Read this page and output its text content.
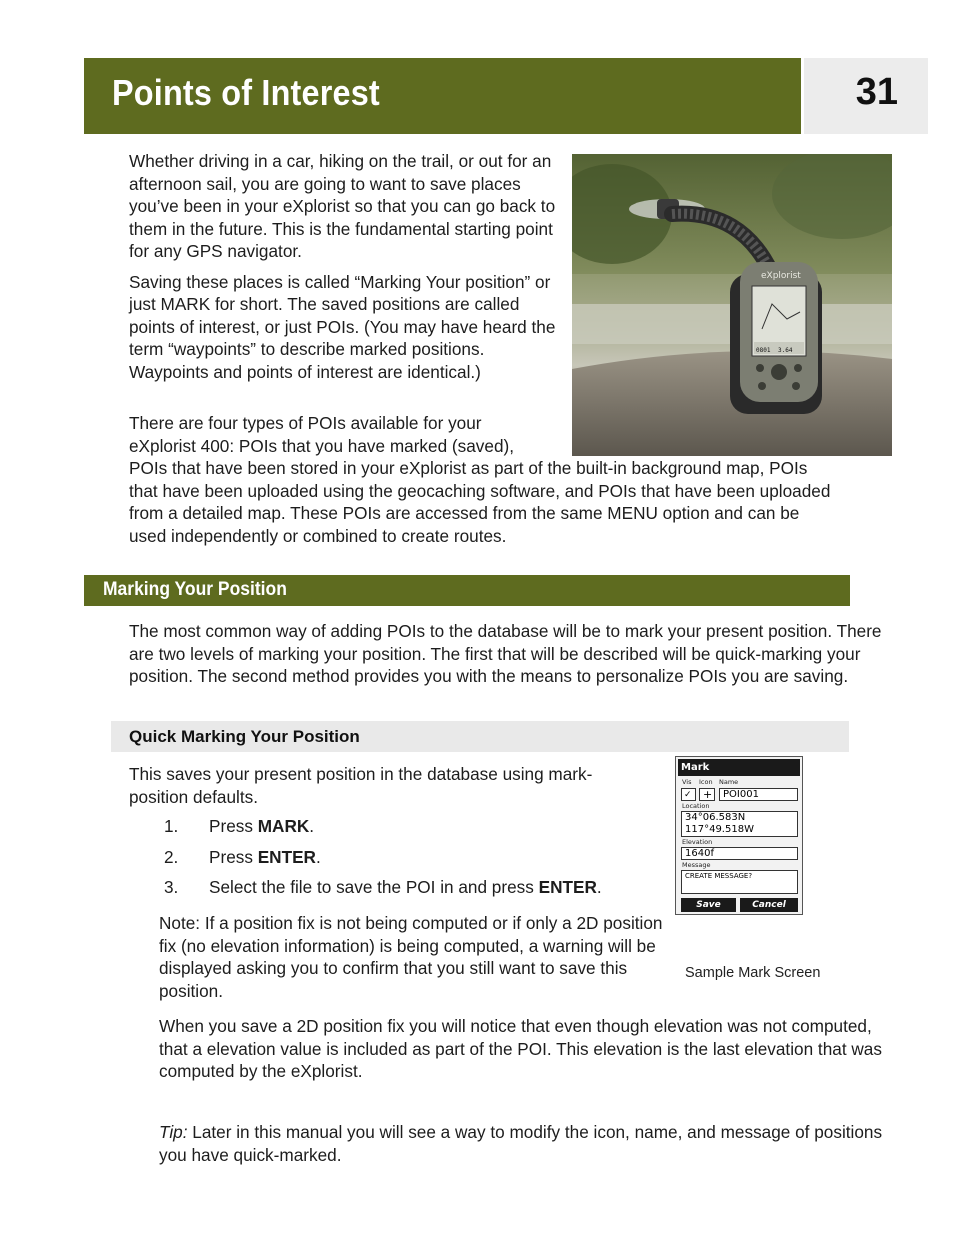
Points of Interest	31

Whether driving in a car, hiking on the trail, or out for an afternoon sail, you are going to want to save places you’ve been in your eXplorist so that you can go back to them in the future. This is the fundamental starting point for any GPS navigator.

Saving these places is called “Marking Your position” or just MARK for short. The saved positions are called points of interest, or just POIs. (You may have heard the term “waypoints” to describe marked positions. Waypoints and points of interest are identical.)

There are four types of POIs available for your
eXplorist 400: POIs that you have marked (saved),
POIs that have been stored in your eXplorist as part of the built-in background map, POIs
that have been uploaded using the geocaching software, and POIs that have been uploaded
from a detailed map. These POIs are accessed from the same MENU option and can be
used independently or combined to create routes.
eXplorist
0801 3.64
Marking Your Position

The most common way of adding POIs to the database will be to mark your present position. There are two levels of marking your position. The first that will be described will be quick-marking your position. The second method provides you with the means to personalize POIs you are saving.

Quick Marking Your Position

This saves your present position in the database using mark-position defaults.

1.	Press MARK.
2.	Press ENTER.
3.	Select the file to save the POI in and press ENTER.

Note: If a position fix is not being computed or if only a 2D position fix (no elevation information) is being computed, a warning will be displayed asking you to confirm that you still want to save this position.

When you save a 2D position fix you will notice that even though elevation was not computed, that a elevation value is included as part of the POI. This elevation is the last elevation that was computed by the eXplorist.

Tip: Later in this manual you will see a way to modify the icon, name, and message of positions you have quick-marked.

Mark
Vis Icon Name
✓	+	POI001
Location
34°06.583N
117°49.518W
Elevation
1640f
Message
CREATE MESSAGE?
Save	Cancel
Sample Mark Screen
